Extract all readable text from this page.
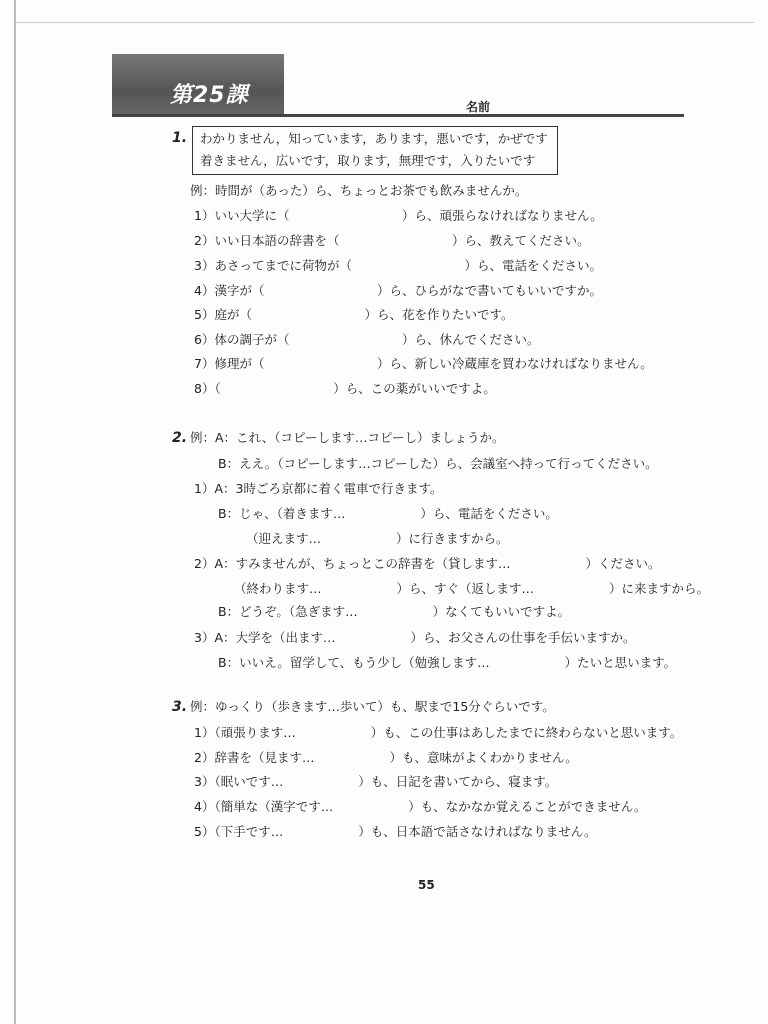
第25課	名前
1. わかりません，知っています，あります，悪いです，かぜです
着きません，広いです，取ります，無理です，入りたいです
例：時間が（あった）ら、ちょっとお茶でも飲みませんか。
1）いい大学に（　　　　　　　　　）ら、頑張らなければなりません。
2）いい日本語の辞書を（　　　　　　　　　）ら、教えてください。
3）あさってまでに荷物が（　　　　　　　　　）ら、電話をください。
4）漢字が（　　　　　　　　　）ら、ひらがなで書いてもいいですか。
5）庭が（　　　　　　　　　）ら、花を作りたいです。
6）体の調子が（　　　　　　　　　）ら、休んでください。
7）修理が（　　　　　　　　　）ら、新しい冷蔵庫を買わなければなりません。
8）（　　　　　　　　　）ら、この薬がいいですよ。
2. 例：A：これ、（コピーします…コピーし）ましょうか。
B：ええ。（コピーします…コピーした）ら、会議室へ持って行ってください。
1）A：3時ごろ京都に着く電車で行きます。
B：じゃ、（着きます…　　　　　　）ら、電話をください。
（迎えます…　　　　　　）に行きますから。
2）A：すみませんが、ちょっとこの辞書を（貸します…　　　　　　）ください。
（終わります…　　　　　　）ら、すぐ（返します…　　　　　　）に来ますから。
B：どうぞ。（急ぎます…　　　　　　）なくてもいいですよ。
3）A：大学を（出ます…　　　　　　）ら、お父さんの仕事を手伝いますか。
B：いいえ。留学して、もう少し（勉強します…　　　　　　）たいと思います。
3. 例：ゆっくり（歩きます…歩いて）も、駅まで15分ぐらいです。
1）（頑張ります…　　　　　　）も、この仕事はあしたまでに終わらないと思います。
2）辞書を（見ます…　　　　　　）も、意味がよくわかりません。
3）（眠いです…　　　　　　）も、日記を書いてから、寝ます。
4）（簡単な（漢字です…　　　　　　）も、なかなか覚えることができません。
5）（下手です…　　　　　　）も、日本語で話さなければなりません。
55
